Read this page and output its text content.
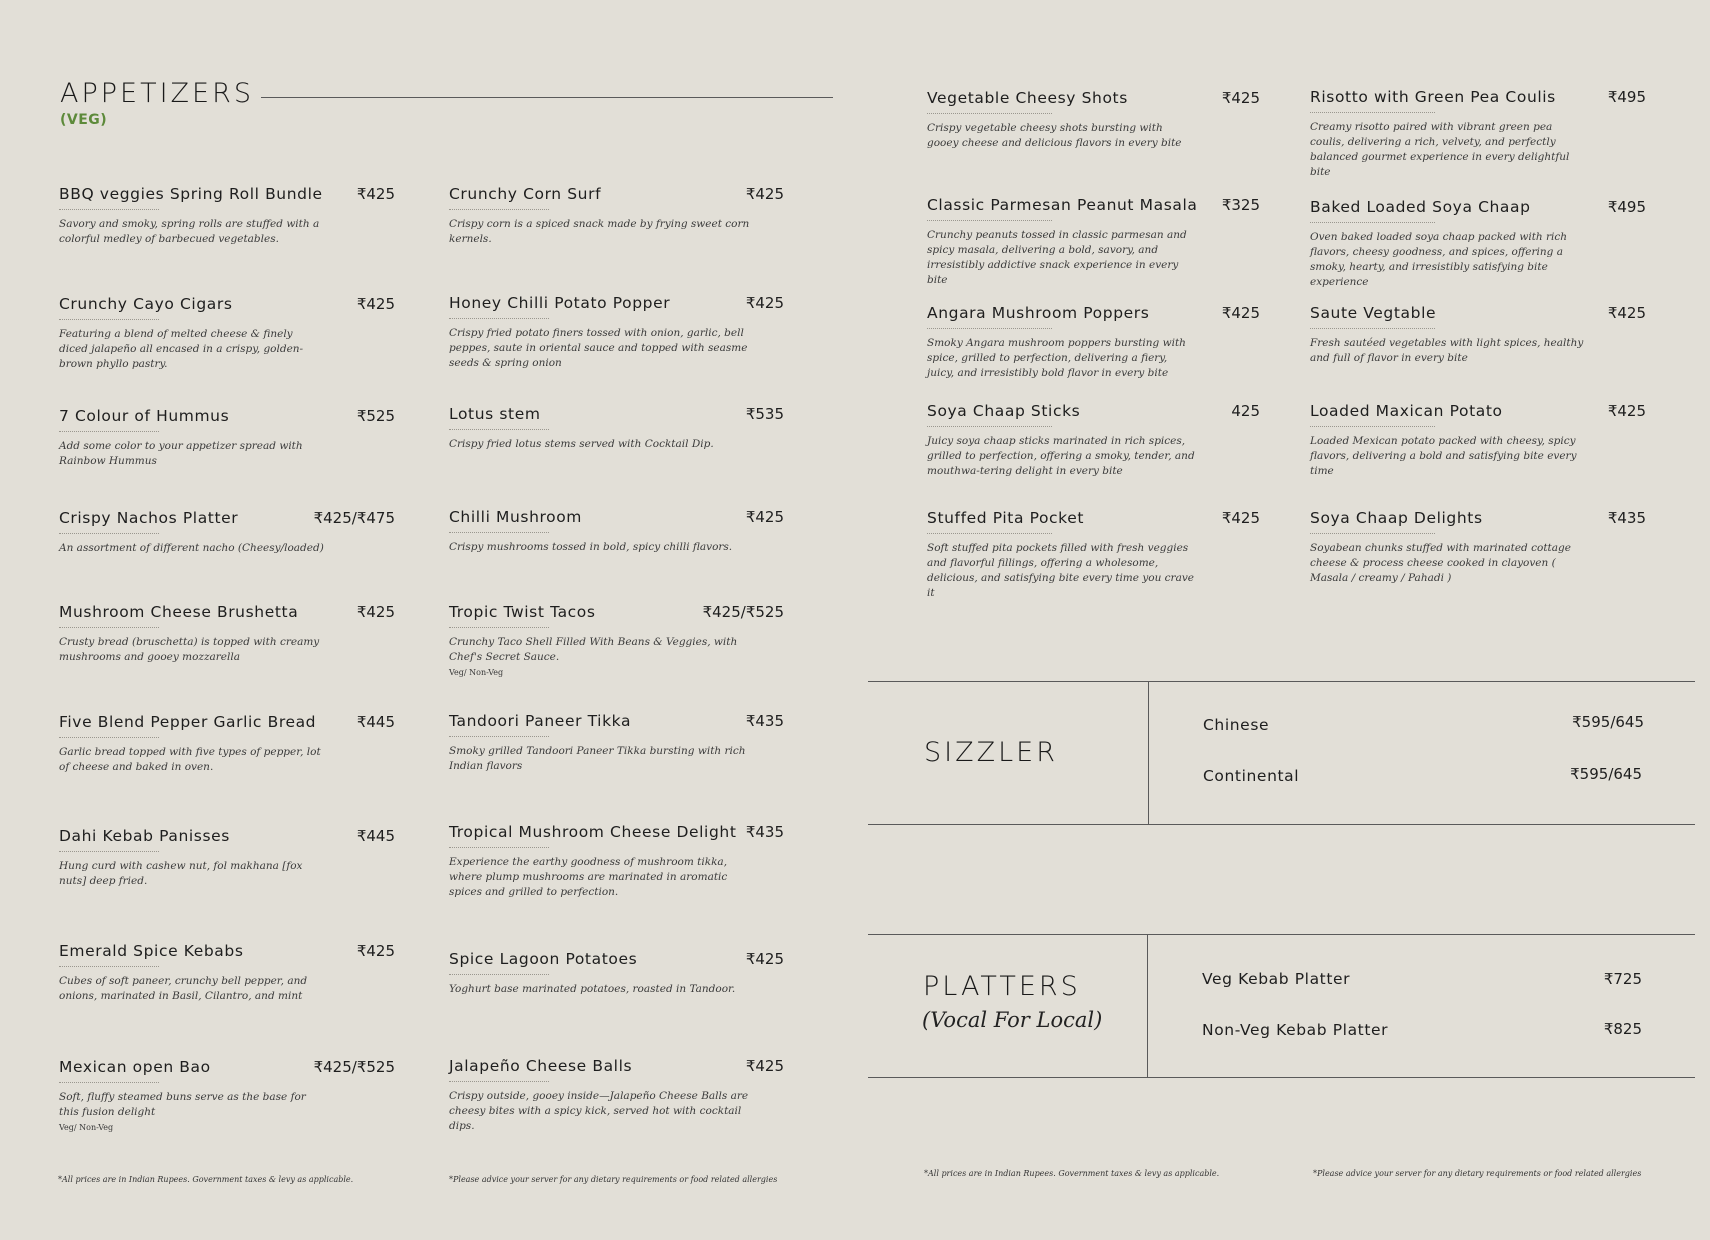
APPETIZERS
(VEG)
BBQ veggies Spring Roll Bundle
Savory and smoky, spring rolls are stuffed with a colorful medley of barbecued vegetables.
₹425
Crunchy Cayo Cigars
Featuring a blend of melted cheese & finely diced jalapeño all encased in a crispy, golden-brown phyllo pastry.
₹425
7 Colour of Hummus
Add some color to your appetizer spread with Rainbow Hummus
₹525
Crispy Nachos Platter
An assortment of different nacho (Cheesy/loaded)
₹425/₹475
Mushroom Cheese Brushetta
Crusty bread (bruschetta) is topped with creamy mushrooms and gooey mozzarella
₹425
Five Blend Pepper Garlic Bread
Garlic bread topped with five types of pepper, lot of cheese and baked in oven.
₹445
Dahi Kebab Panisses
Hung curd with cashew nut, fol makhana [fox nuts] deep fried.
₹445
Emerald Spice Kebabs
Cubes of soft paneer, crunchy bell pepper, and onions, marinated in Basil, Cilantro, and mint
₹425
Mexican open Bao
Soft, fluffy steamed buns serve as the base for this fusion delight
Veg/ Non-Veg
₹425/₹525
Crunchy Corn Surf
Crispy corn is a spiced snack made by frying sweet corn kernels.
₹425
Honey Chilli Potato Popper
Crispy fried potato finers tossed with onion, garlic, bell peppes, saute in oriental sauce and topped with seasme seeds & spring onion
₹425
Lotus stem
Crispy fried lotus stems served with Cocktail Dip.
₹535
Chilli Mushroom
Crispy mushrooms tossed in bold, spicy chilli flavors.
₹425
Tropic Twist Tacos
Crunchy Taco Shell Filled With Beans & Veggies, with Chef's Secret Sauce.
Veg/ Non-Veg
₹425/₹525
Tandoori Paneer Tikka
Smoky grilled Tandoori Paneer Tikka bursting with rich Indian flavors
₹435
Tropical Mushroom Cheese Delight
Experience the earthy goodness of mushroom tikka, where plump mushrooms are marinated in aromatic spices and grilled to perfection.
₹435
Spice Lagoon Potatoes
Yoghurt base marinated potatoes, roasted in Tandoor.
₹425
Jalapeño Cheese Balls
Crispy outside, gooey inside—Jalapeño Cheese Balls are cheesy bites with a spicy kick, served hot with cocktail dips.
₹425
Vegetable Cheesy Shots
Crispy vegetable cheesy shots bursting with gooey cheese and delicious flavors in every bite
₹425
Classic Parmesan Peanut Masala
Crunchy peanuts tossed in classic parmesan and spicy masala, delivering a bold, savory, and irresistibly addictive snack experience in every bite
₹325
Angara Mushroom Poppers
Smoky Angara mushroom poppers bursting with spice, grilled to perfection, delivering a fiery, juicy, and irresistibly bold flavor in every bite
₹425
Soya Chaap Sticks
Juicy soya chaap sticks marinated in rich spices, grilled to perfection, offering a smoky, tender, and mouthwa-tering delight in every bite
425
Stuffed Pita Pocket
Soft stuffed pita pockets filled with fresh veggies and flavorful fillings, offering a wholesome, delicious, and satisfying bite every time you crave it
₹425
Risotto with Green Pea Coulis
Creamy risotto paired with vibrant green pea coulis, delivering a rich, velvety, and perfectly balanced gourmet experience in every delightful bite
₹495
Baked Loaded Soya Chaap
Oven baked loaded soya chaap packed with rich flavors, cheesy goodness, and spices, offering a smoky, hearty, and irresistibly satisfying bite experience
₹495
Saute Vegtable
Fresh sautéed vegetables with light spices, healthy and full of flavor in every bite
₹425
Loaded Maxican Potato
Loaded Mexican potato packed with cheesy, spicy flavors, delivering a bold and satisfying bite every time
₹425
Soya Chaap Delights
Soyabean chunks stuffed with marinated cottage cheese & process cheese cooked in clayoven ( Masala / creamy / Pahadi )
₹435
SIZZLER
Chinese	₹595/645
Continental	₹595/645
PLATTERS
(Vocal For Local)
Veg Kebab Platter	₹725
Non-Veg Kebab Platter	₹825
*All prices are in Indian Rupees. Government taxes & levy as applicable.	*Please advice your server for any dietary requirements or food related allergies
*All prices are in Indian Rupees. Government taxes & levy as applicable.	*Please advice your server for any dietary requirements or food related allergies
